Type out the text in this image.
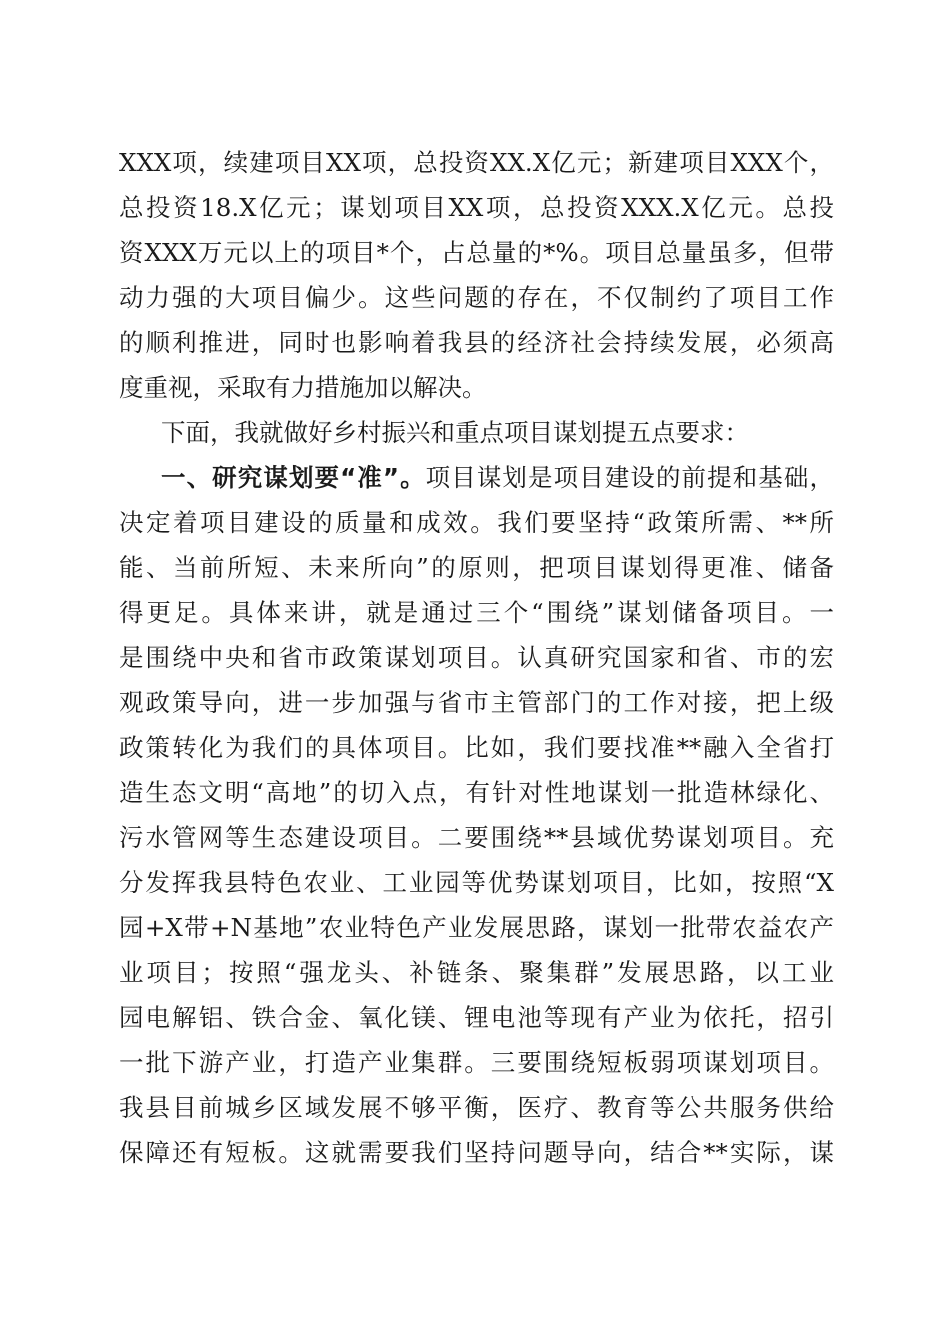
XXX项，续建项目XX项，总投资XX.X亿元；新建项目XXX个，
总投资18.X亿元；谋划项目XX项，总投资XXX.X亿元。总投
资XXX万元以上的项目*个，占总量的*%。项目总量虽多，但带
动力强的大项目偏少。这些问题的存在，不仅制约了项目工作
的顺利推进，同时也影响着我县的经济社会持续发展，必须高
度重视，采取有力措施加以解决。
下面，我就做好乡村振兴和重点项目谋划提五点要求：
一、研究谋划要“准”。项目谋划是项目建设的前提和基础，
决定着项目建设的质量和成效。我们要坚持“政策所需、**所
能、当前所短、未来所向”的原则，把项目谋划得更准、储备
得更足。具体来讲，就是通过三个“围绕”谋划储备项目。一
是围绕中央和省市政策谋划项目。认真研究国家和省、市的宏
观政策导向，进一步加强与省市主管部门的工作对接，把上级
政策转化为我们的具体项目。比如，我们要找准**融入全省打
造生态文明“高地”的切入点，有针对性地谋划一批造林绿化、
污水管网等生态建设项目。二要围绕**县域优势谋划项目。充
分发挥我县特色农业、工业园等优势谋划项目，比如，按照“X
园+X带+N基地”农业特色产业发展思路，谋划一批带农益农产
业项目；按照“强龙头、补链条、聚集群”发展思路，以工业
园电解铝、铁合金、氧化镁、锂电池等现有产业为依托，招引
一批下游产业，打造产业集群。三要围绕短板弱项谋划项目。
我县目前城乡区域发展不够平衡，医疗、教育等公共服务供给
保障还有短板。这就需要我们坚持问题导向，结合**实际，谋
